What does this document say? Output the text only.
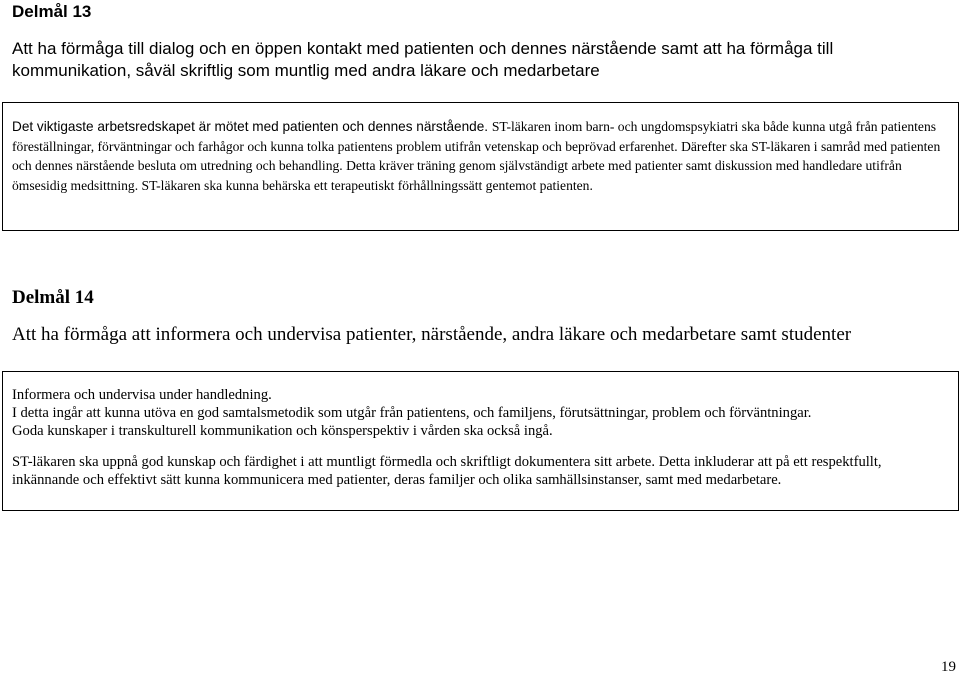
Delmål 13

Att ha förmåga till dialog och en öppen kontakt med patienten och dennes närstående samt att ha förmåga till kommunikation, såväl skriftlig som muntlig med andra läkare och medarbetare

Det viktigaste arbetsredskapet är mötet med patienten och dennes närstående. ST-läkaren inom barn- och ungdomspsykiatri ska både kunna utgå från patientens föreställningar, förväntningar och farhågor och kunna tolka patientens problem utifrån vetenskap och beprövad erfarenhet. Därefter ska ST-läkaren i samråd med patienten och dennes närstående besluta om utredning och behandling. Detta kräver träning genom självständigt arbete med patienter samt diskussion med handledare utifrån ömsesidig medsittning. ST-läkaren ska kunna behärska ett terapeutiskt förhållningssätt gentemot patienten.

Delmål 14

Att ha förmåga att informera och undervisa patienter, närstående, andra läkare och medarbetare samt studenter

Informera och undervisa under handledning.

I detta ingår att kunna utöva en god samtalsmetodik som utgår från patientens, och familjens, förutsättningar, problem och förväntningar.

Goda kunskaper i transkulturell kommunikation och könsperspektiv i vården ska också ingå.

ST-läkaren ska uppnå god kunskap och färdighet i att muntligt förmedla och skriftligt dokumentera sitt arbete. Detta inkluderar att på ett respektfullt, inkännande och effektivt sätt kunna kommunicera med patienter, deras familjer och olika samhällsinstanser, samt med medarbetare.

19
